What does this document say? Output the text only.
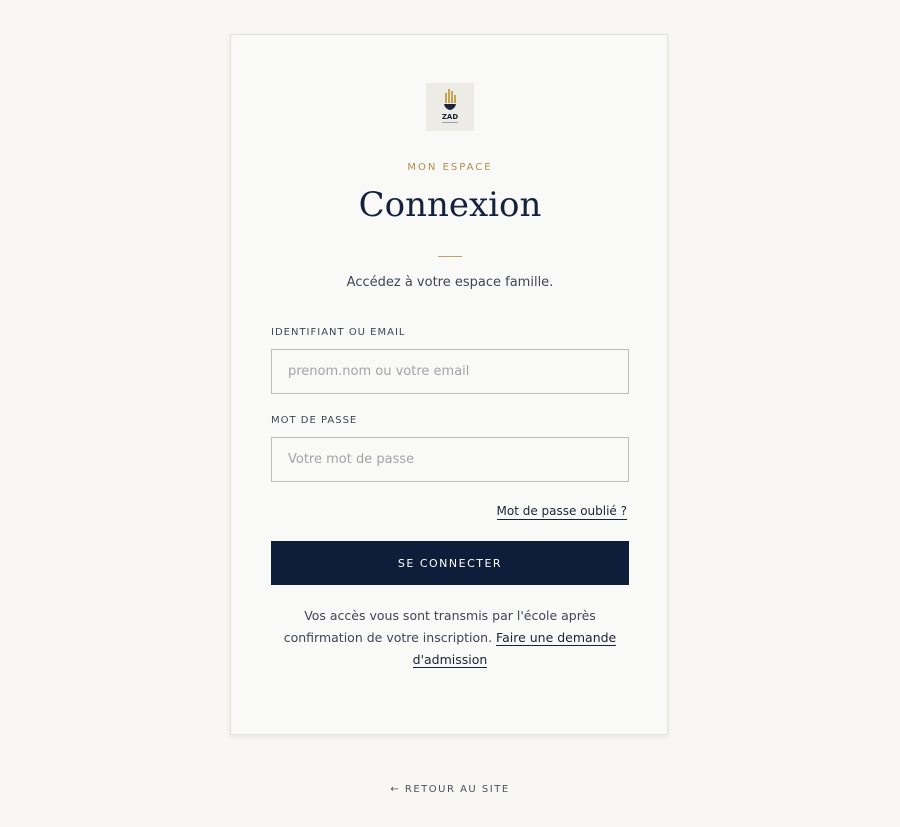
ZAD
MON ESPACE
Connexion
Accédez à votre espace famille.
IDENTIFIANT OU EMAIL
prenom.nom ou votre email
MOT DE PASSE
Mot de passe oublié ?
SE CONNECTER
Vos accès vous sont transmis par l'école après confirmation de votre inscription. Faire une demande d'admission
← RETOUR AU SITE
